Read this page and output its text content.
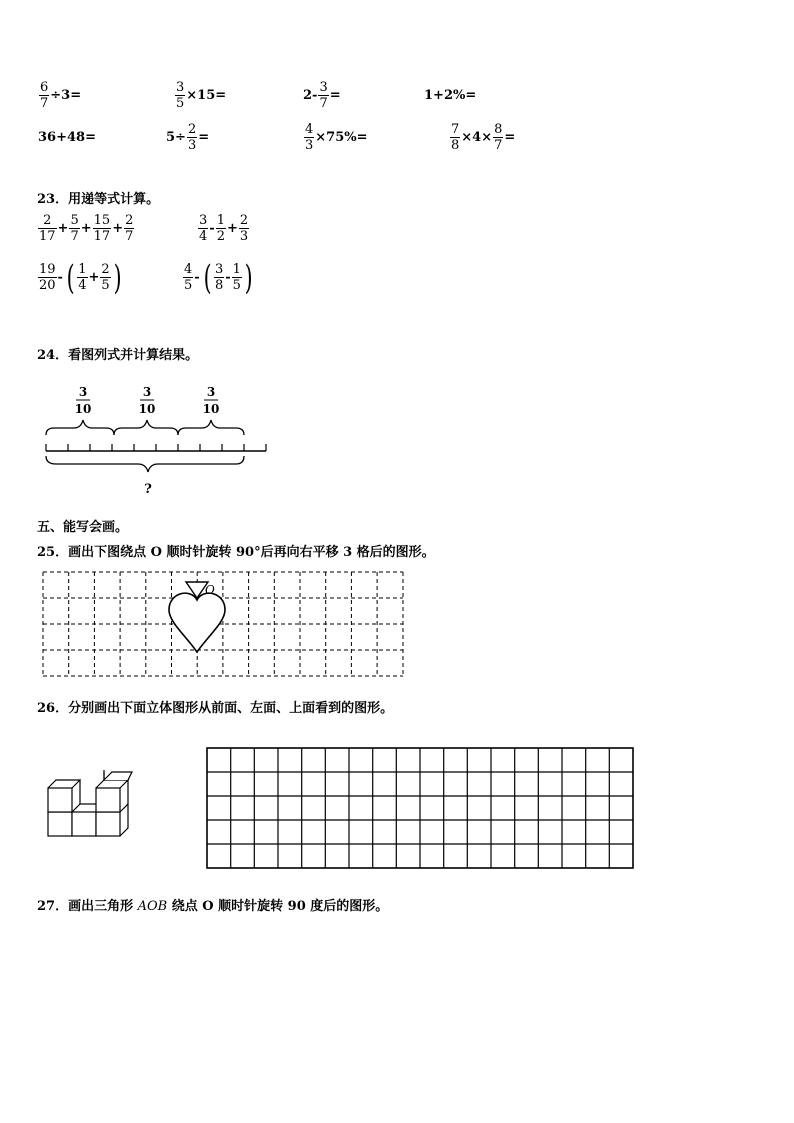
$\frac{6}{7} \div 3=$	$\frac{3}{5} \times 15=$	$2- \frac{3}{7}$ =	1+2%=
36+48=	$5\div \frac{2}{3}$ =	$\frac{4}{3} \times 75\%=$	$\frac{7}{8} \times 4\times \frac{8}{7}$ =
23．用递等式计算。
$\frac{2}{17} + \frac{5}{7} + \frac{15}{17} + \frac{2}{7}$	$\frac{3}{4} - \frac{1}{2} + \frac{2}{3}$
$\frac{19}{20}$ - ( $\frac{1}{4} + \frac{2}{5}$ )	$\frac{4}{5}$ - ( $\frac{3}{8} - \frac{1}{5}$ )
24．看图列式并计算结果。
3
10
3
10
3
10
?
五、能写会画。
25．画出下图绕点 O 顺时针旋转 90°后再向右平移 3 格后的图形。
O
26．分别画出下面立体图形从前面、左面、上面看到的图形。
27．画出三角形 AOB 绕点 O 顺时针旋转 90 度后的图形。
